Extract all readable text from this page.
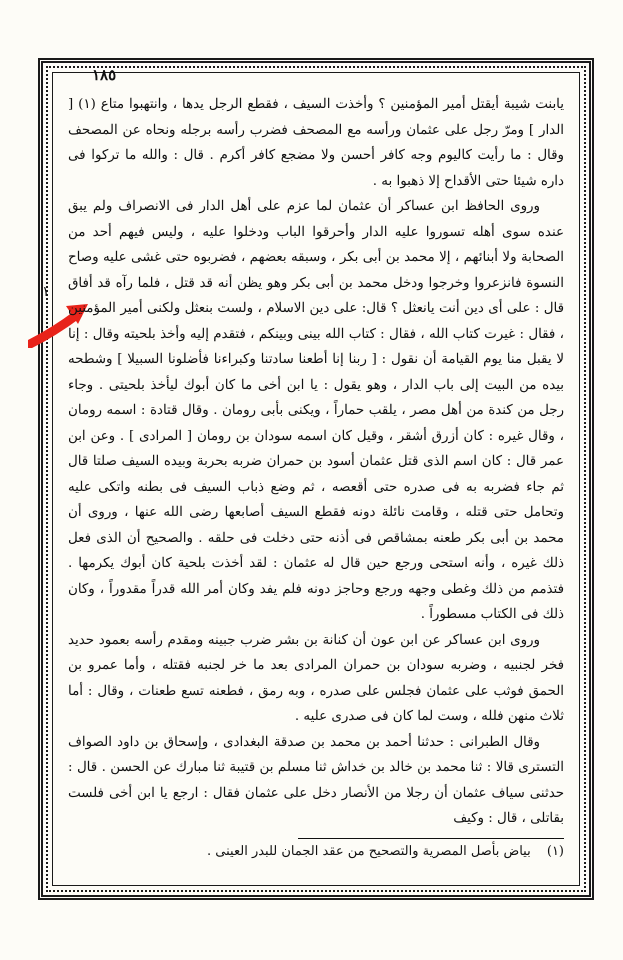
١٨٥
١

يابنت شيبة أيقتل أمير المؤمنين ؟ وأخذت السيف ، فقطع الرجل يدها ، وانتهبوا متاع (١) [ الدار ] ومرّ رجل على عثمان ورأسه مع المصحف فضرب رأسه برجله ونحاه عن المصحف وقال : ما رأيت كاليوم وجه كافر أحسن ولا مضجع كافر أكرم . قال : والله ما تركوا فى داره شيئا حتى الأقداح إلا ذهبوا به .

وروى الحافظ ابن عساكر أن عثمان لما عزم على أهل الدار فى الانصراف ولم يبق عنده سوى أهله تسوروا عليه الدار وأحرقوا الباب ودخلوا عليه ، وليس فيهم أحد من الصحابة ولا أبنائهم ، إلا محمد بن أبى بكر ، وسبقه بعضهم ، فضربوه حتى غشى عليه وصاح النسوة فانزعروا وخرجوا ودخل محمد بن أبى بكر وهو يظن أنه قد قتل ، فلما رآه قد أفاق قال : على أى دين أنت يانعثل ؟ قال: على دين الاسلام ، ولست بنعثل ولكنى أمير المؤمنين ، فقال : غيرت كتاب الله ، فقال : كتاب الله بينى وبينكم ، فتقدم إليه وأخذ بلحيته وقال : إنا لا يقبل منا يوم القيامة أن نقول : [ ربنا إنا أطعنا سادتنا وكبراءنا فأضلونا السبيلا ] وشطحه بيده من البيت إلى باب الدار ، وهو يقول : يا ابن أخى ما كان أبوك ليأخذ بلحيتى . وجاء رجل من كندة من أهل مصر ، يلقب حماراً ، ويكنى بأبى رومان . وقال قتادة : اسمه رومان ، وقال غيره : كان أزرق أشقر ، وقيل كان اسمه سودان بن رومان [ المرادى ] . وعن ابن عمر قال : كان اسم الذى قتل عثمان أسود بن حمران ضربه بحربة وبيده السيف صلتا قال ثم جاء فضربه به فى صدره حتى أقعصه ، ثم وضع ذباب السيف فى بطنه واتكى عليه وتحامل حتى قتله ، وقامت نائلة دونه فقطع السيف أصابعها رضى الله عنها ، وروى أن محمد بن أبى بكر طعنه بمشاقص فى أذنه حتى دخلت فى حلقه . والصحيح أن الذى فعل ذلك غيره ، وأنه استحى ورجع حين قال له عثمان : لقد أخذت بلحية كان أبوك يكرمها . فتذمم من ذلك وغطى وجهه ورجع وحاجز دونه فلم يفد وكان أمر الله قدراً مقدوراً ، وكان ذلك فى الكتاب مسطوراً .

وروى ابن عساكر عن ابن عون أن كنانة بن بشر ضرب جبينه ومقدم رأسه بعمود حديد فخر لجنبيه ، وضربه سودان بن حمران المرادى بعد ما خر لجنبه فقتله ، وأما عمرو بن الحمق فوثب على عثمان فجلس على صدره ، وبه رمق ، فطعنه تسع طعنات ، وقال : أما ثلاث منهن فلله ، وست لما كان فى صدرى عليه .

وقال الطبرانى : حدثنا أحمد بن محمد بن صدقة البغدادى ، وإسحاق بن داود الصواف التسترى قالا : ثنا محمد بن خالد بن خداش ثنا مسلم بن قتيبة ثنا مبارك عن الحسن . قال : حدثنى سياف عثمان أن رجلا من الأنصار دخل على عثمان فقال : ارجع يا ابن أخى فلست بقاتلى ، قال : وكيف

(١) بياض بأصل المصرية والتصحيح من عقد الجمان للبدر العينى .
